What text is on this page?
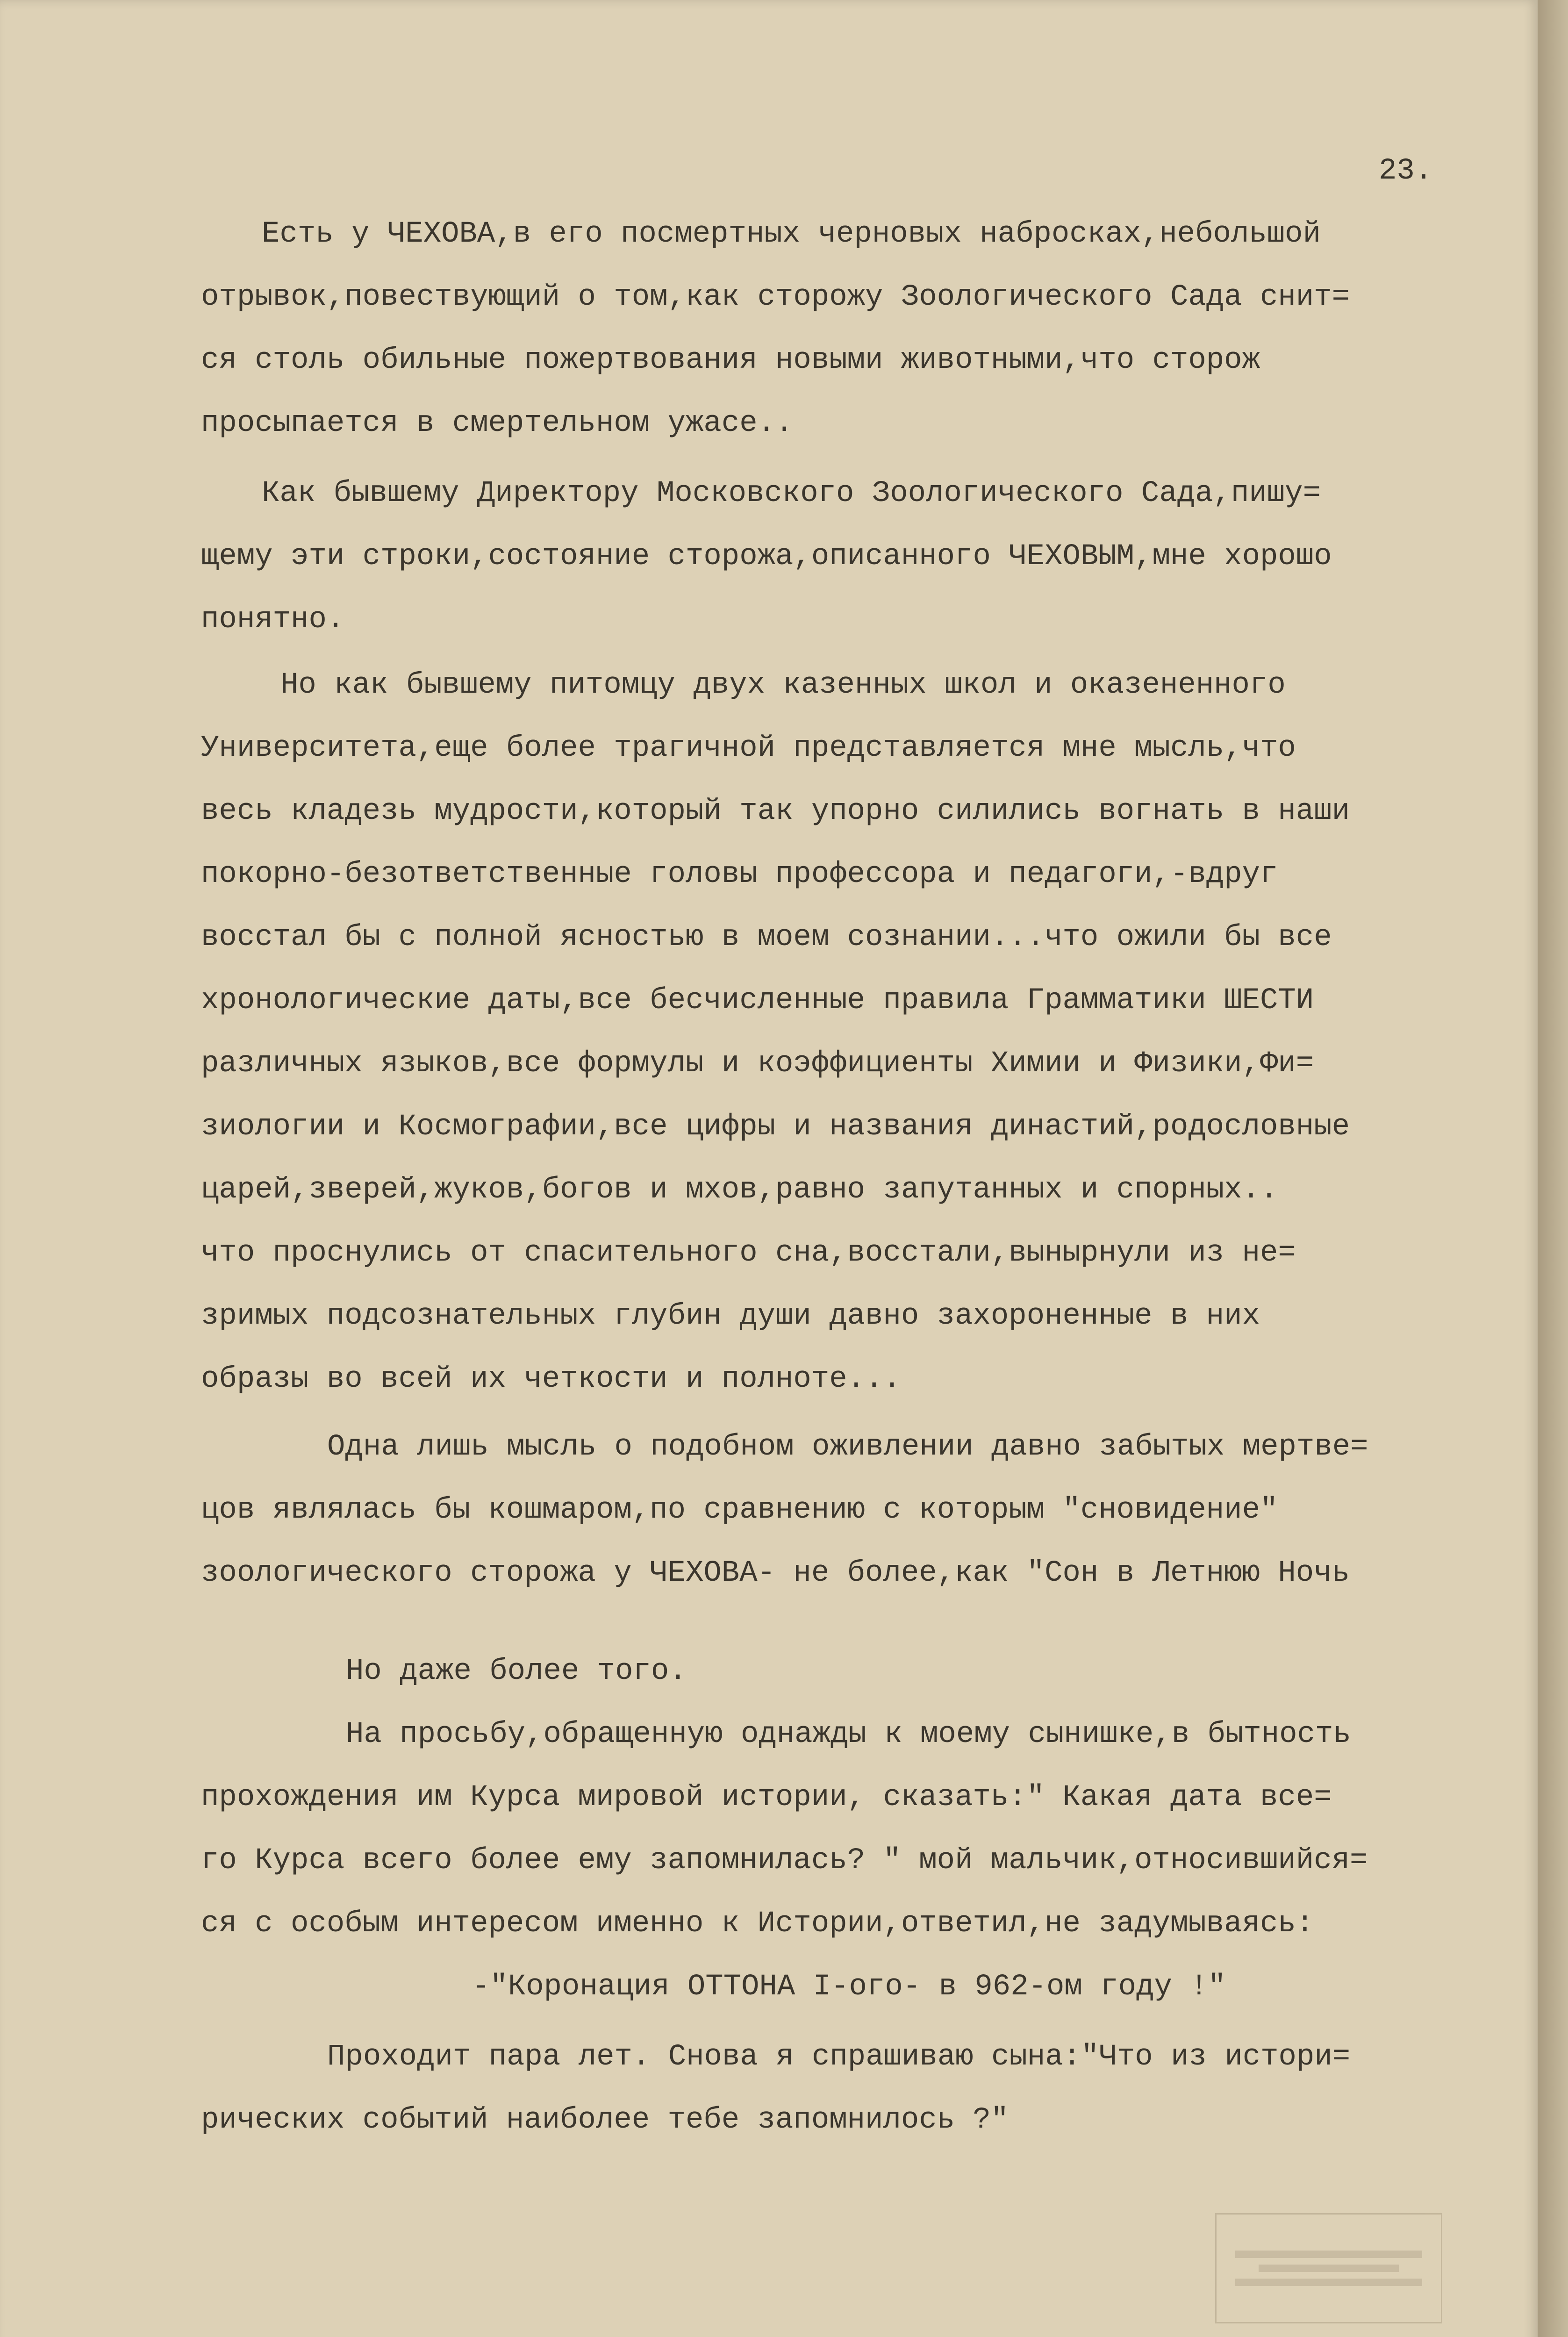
23.
Есть у ЧЕХОВА,в его посмертных черновых набросках,небольшой
отрывок,повествующий о том,как сторожу Зоологического Сада снит=
ся столь обильные пожертвования новыми животными,что сторож
просыпается в смертельном ужасе..
Как бывшему Директору Московского Зоологического Сада,пишу=
щему эти строки,состояние сторожа,описанного ЧЕХОВЫМ,мне хорошо
понятно.
Но как бывшему питомцу двух казенных школ и оказененного
Университета,еще более трагичной представляется мне мысль,что
весь кладезь мудрости,который так упорно силились вогнать в наши
покорно-безответственные головы профессора и педагоги,-вдруг
восстал бы с полной ясностью в моем сознании...что ожили бы все
хронологические даты,все бесчисленные правила Грамматики ШЕСТИ
различных языков,все формулы и коэффициенты Химии и Физики,Фи=
зиологии и Космографии,все цифры и названия династий,родословные
царей,зверей,жуков,богов и мхов,равно запутанных и спорных..
что проснулись от спасительного сна,восстали,вынырнули из не=
зримых подсознательных глубин души давно захороненные в них
образы во всей их четкости и полноте...
Одна лишь мысль о подобном оживлении давно забытых мертве=
цов являлась бы кошмаром,по сравнению с которым "сновидение"
зоологического сторожа у ЧЕХОВА- не более,как "Сон в Летнюю Ночь
Но даже более того.
На просьбу,обращенную однажды к моему сынишке,в бытность
прохождения им Курса мировой истории, сказать:" Какая дата все=
го Курса всего более ему запомнилась? " мой мальчик,относившийся=
ся с особым интересом именно к Истории,ответил,не задумываясь:
-"Коронация ОТТОНА I-ого- в 962-ом году !"
Проходит пара лет. Снова я спрашиваю сына:"Что из истори=
рических событий наиболее тебе запомнилось ?"
